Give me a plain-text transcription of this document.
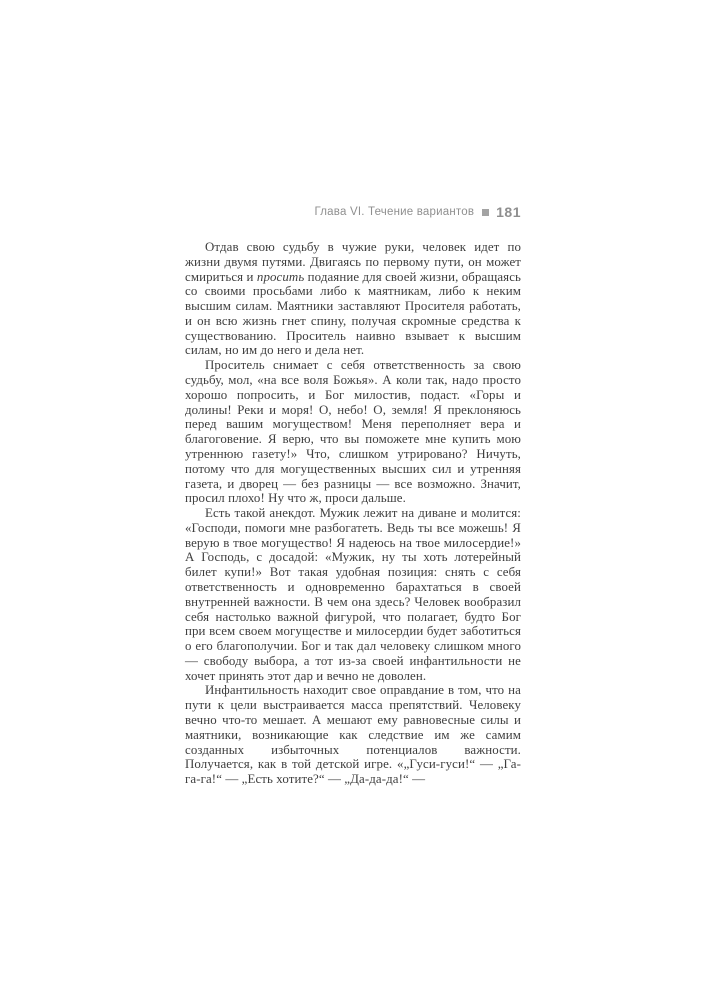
Глава VI. Течение вариантов 181

Отдав свою судьбу в чужие руки, человек идет по жизни двумя путями. Двигаясь по первому пути, он может смириться и просить подаяние для своей жизни, обращаясь со своими просьбами либо к маятникам, либо к неким высшим силам. Маятники заставляют Просителя работать, и он всю жизнь гнет спину, получая скромные средства к существованию. Проситель наивно взывает к высшим силам, но им до него и дела нет.

Проситель снимает с себя ответственность за свою судьбу, мол, «на все воля Божья». А коли так, надо просто хорошо попросить, и Бог милостив, подаст. «Горы и долины! Реки и моря! О, небо! О, земля! Я преклоняюсь перед вашим могуществом! Меня переполняет вера и благоговение. Я верю, что вы поможете мне купить мою утреннюю газету!» Что, слишком утрировано? Ничуть, потому что для могущественных высших сил и утренняя газета, и дворец — без разницы — все возможно. Значит, просил плохо! Ну что ж, проси дальше.

Есть такой анекдот. Мужик лежит на диване и молится: «Господи, помоги мне разбогатеть. Ведь ты все можешь! Я верую в твое могущество! Я надеюсь на твое милосердие!» А Господь, с досадой: «Мужик, ну ты хоть лотерейный билет купи!» Вот такая удобная позиция: снять с себя ответственность и одновременно барахтаться в своей внутренней важности. В чем она здесь? Человек вообразил себя настолько важной фигурой, что полагает, будто Бог при всем своем могуществе и милосердии будет заботиться о его благополучии. Бог и так дал человеку слишком много — свободу выбора, а тот из-за своей инфантильности не хочет принять этот дар и вечно не доволен.

Инфантильность находит свое оправдание в том, что на пути к цели выстраивается масса препятствий. Человеку вечно что-то мешает. А мешают ему равновесные силы и маятники, возникающие как следствие им же самим созданных избыточных потенциалов важности. Получается, как в той детской игре. «„Гуси-гуси!“ — „Га-га-га!“ — „Есть хотите?“ — „Да-да-да!“ —
